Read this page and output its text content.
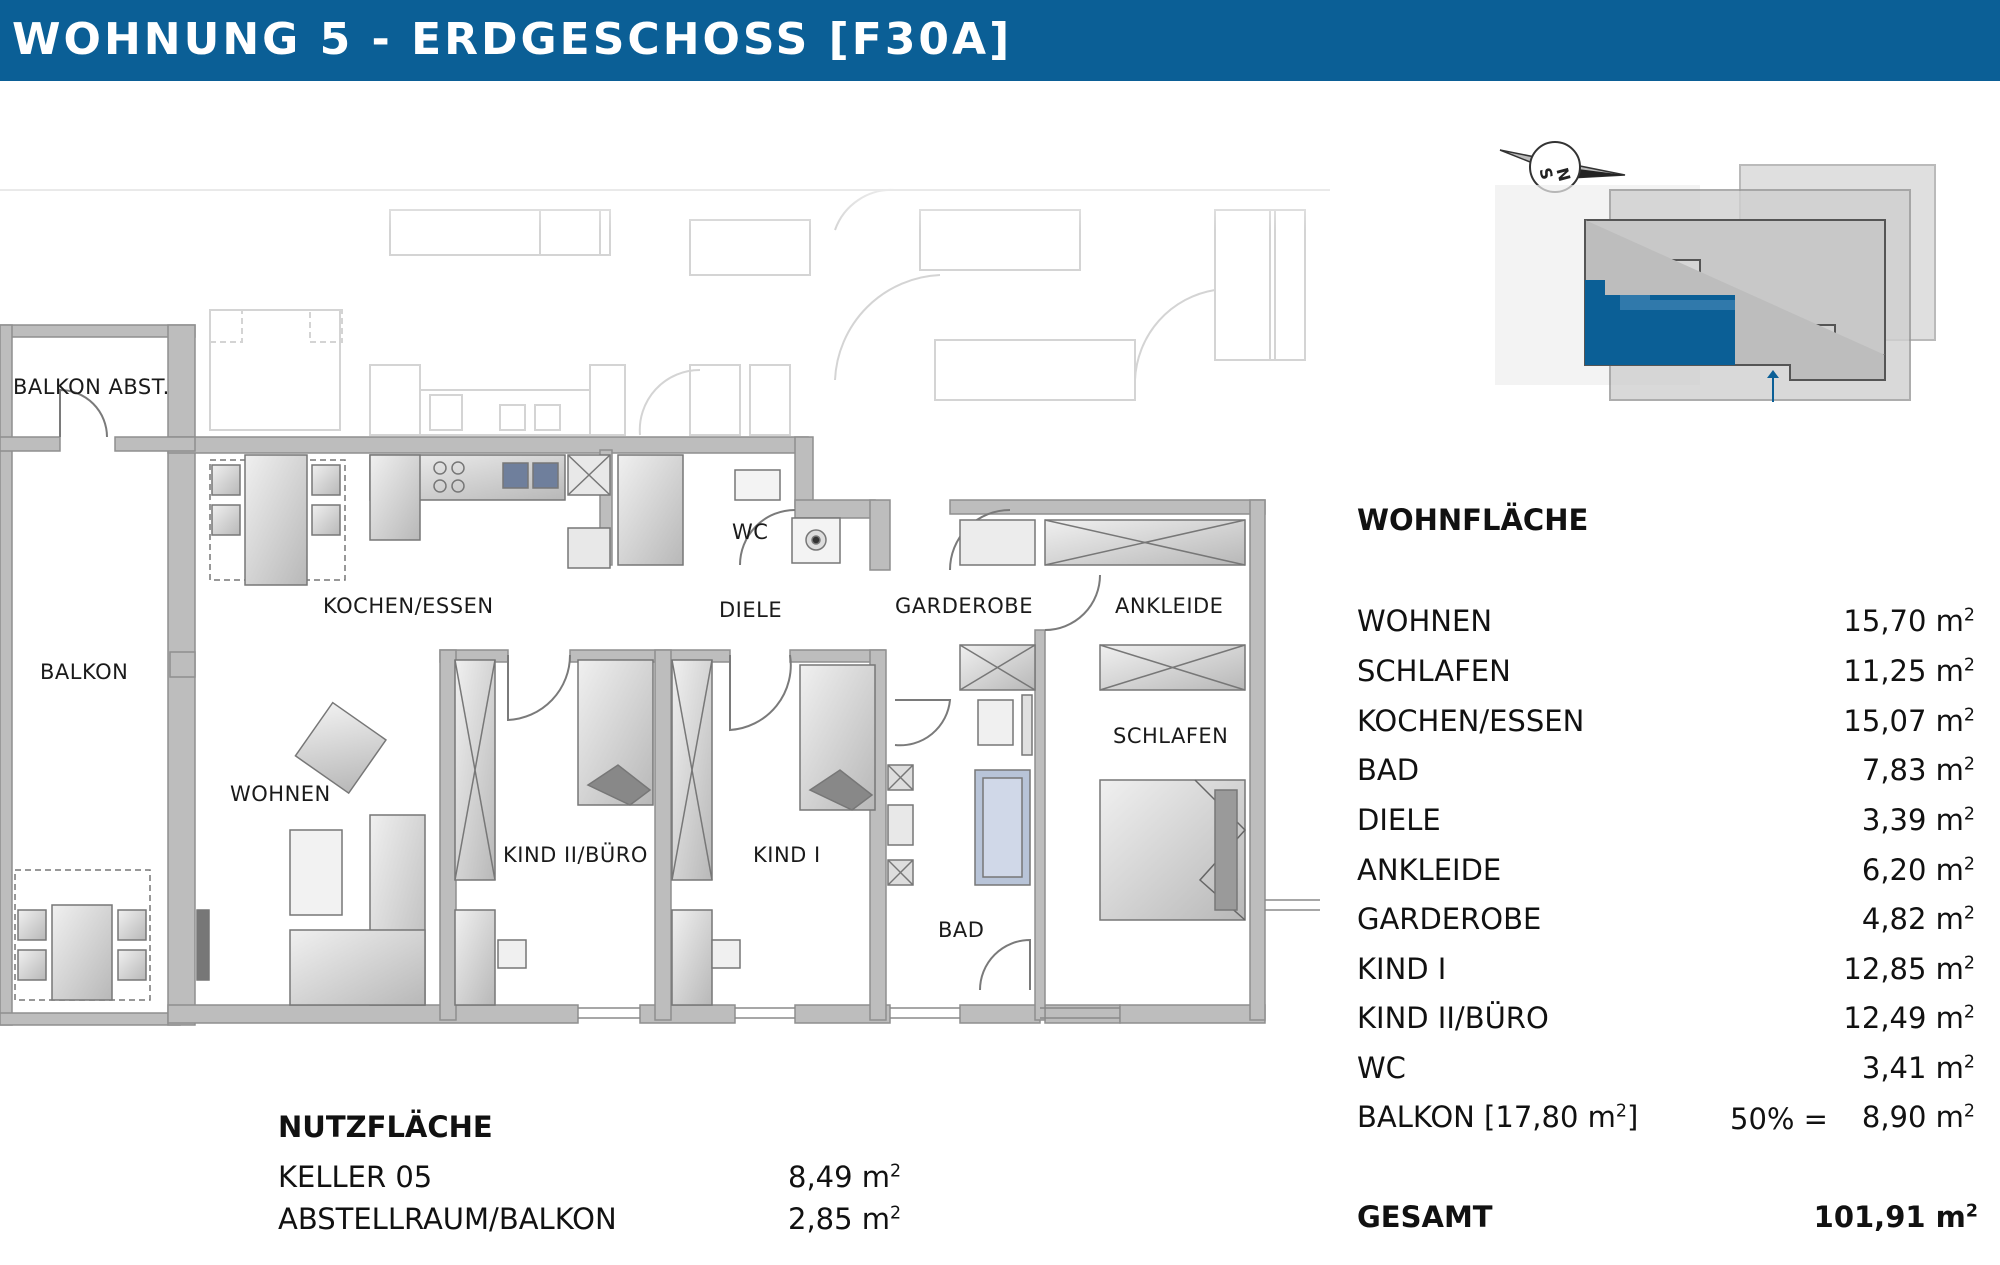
WOHNUNG 5 - ERDGESCHOSS [F30A]
BALKON ABST.
BALKON
KOCHEN/ESSEN
WOHNEN
WC
DIELE	GARDEROBE	ANKLEIDE
SCHLAFEN
KIND II/BÜRO	KIND I
BAD
S
N
WOHNFLÄCHE
WOHNEN	15,70 $m^2$
SCHLAFEN	11,25 $m^2$
KOCHEN/ESSEN	15,07 $m^2$
BAD	7,83 $m^2$
DIELE	3,39 $m^2$
ANKLEIDE	6,20 $m^2$
GARDEROBE	4,82 $m^2$
KIND I	12,85 $m^2$
KIND II/BÜRO	12,49 $m^2$
WC	3,41 $m^2$
BALKON [17,80 $m^2$]	50% = 8,90 $m^2$
GESAMT	101,91 $m^2$
NUTZFLÄCHE
KELLER 05	8,49 $m^2$
ABSTELLRAUM/BALKON	2,85 $m^2$
